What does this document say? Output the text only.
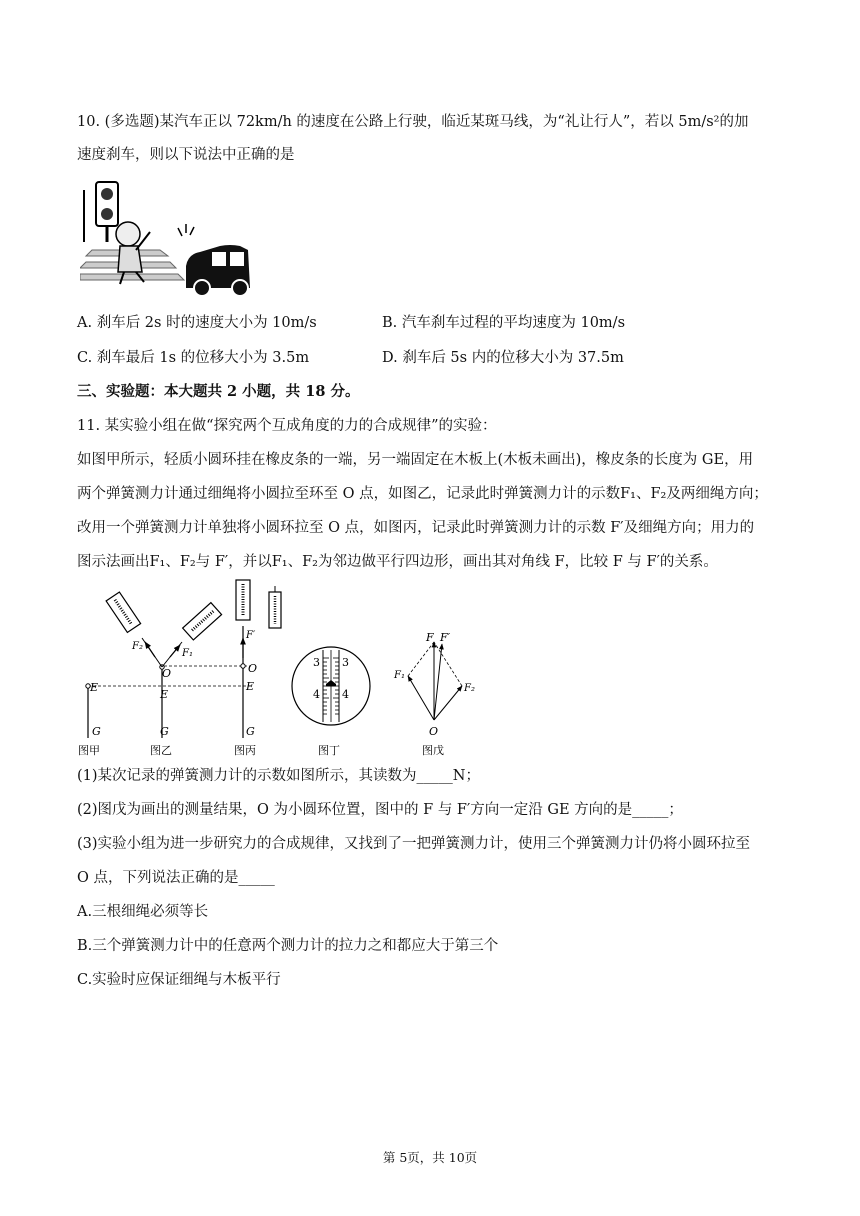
10. (多选题)某汽车正以 72km/h 的速度在公路上行驶，临近某斑马线，为“礼让行人”，若以 5m/s²的加
速度刹车，则以下说法中正确的是
A. 刹车后 2s 时的速度大小为 10m/s	B. 汽车刹车过程的平均速度为 10m/s
C. 刹车最后 1s 的位移大小为 3.5m	D. 刹车后 5s 内的位移大小为 37.5m
三、实验题：本大题共 2 小题，共 18 分。
11. 某实验小组在做“探究两个互成角度的力的合成规律”的实验：
如图甲所示，轻质小圆环挂在橡皮条的一端，另一端固定在木板上(木板未画出)，橡皮条的长度为 GE，用
两个弹簧测力计通过细绳将小圆拉至环至 O 点，如图乙，记录此时弹簧测力计的示数F₁、F₂及两细绳方向；
改用一个弹簧测力计单独将小圆环拉至 O 点，如图丙，记录此时弹簧测力计的示数 F′及细绳方向；用力的
图示法画出F₁、F₂与 F′，并以F₁、F₂为邻边做平行四边形，画出其对角线 F，比较 F 与 F′的关系。
E
G
图甲
F₂
F₁
O
E
G
图乙
F′
O
E
G
图丙
3 3
4 4
图丁
F F′
F₁
F₂
O
图戊
(1)某次记录的弹簧测力计的示数如图所示，其读数为_____N；
(2)图戊为画出的测量结果，O 为小圆环位置，图中的 F 与 F′方向一定沿 GE 方向的是_____；
(3)实验小组为进一步研究力的合成规律，又找到了一把弹簧测力计，使用三个弹簧测力计仍将小圆环拉至
O 点，下列说法正确的是_____
A.三根细绳必须等长
B.三个弹簧测力计中的任意两个测力计的拉力之和都应大于第三个
C.实验时应保证细绳与木板平行
第 5页，共 10页
